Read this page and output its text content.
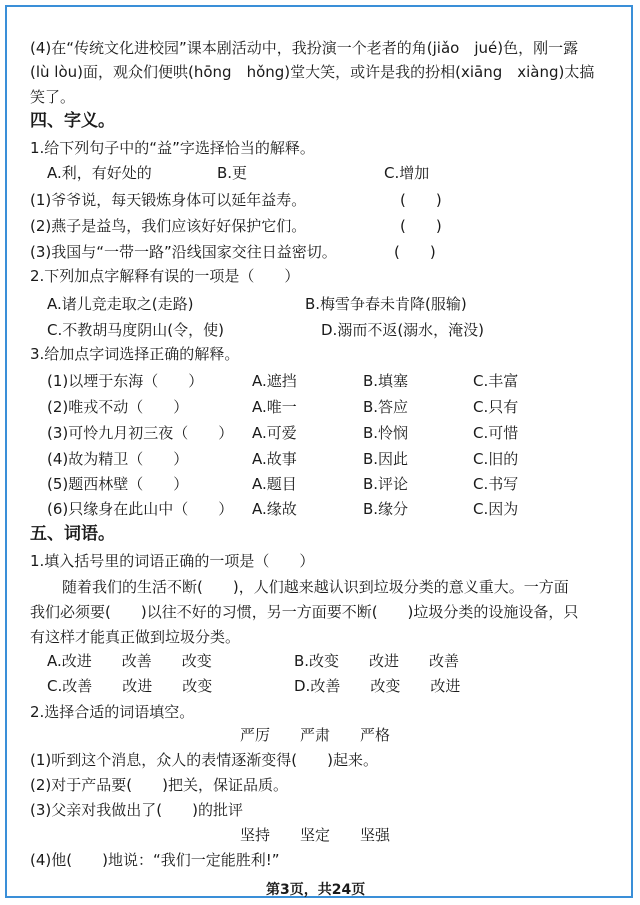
(4)在“传统文化进校园”课本剧活动中，我扮演一个老者的角(jiǎo　jué)色，刚一露
(lù lòu)面，观众们便哄(hōng　hǒng)堂大笑，或许是我的扮相(xiāng　xiàng)太搞
笑了。
四、字义。
1.给下列句子中的“益”字选择恰当的解释。
A.利，有好处的	B.更	C.增加
(1)爷爷说，每天锻炼身体可以延年益寿。	(　　)
(2)燕子是益鸟，我们应该好好保护它们。	(　　)
(3)我国与“一带一路”沿线国家交往日益密切。	(　　)
2.下列加点字解释有误的一项是（　　）
A.诸儿竞走取之(走路)	B.梅雪争春未肯降(服输)
C.不教胡马度阴山(令，使)	D.溺而不返(溺水，淹没)
3.给加点字词选择正确的解释。
(1)以堙于东海（　　）	A.遮挡	B.填塞	C.丰富
(2)唯戎不动（　　）	A.唯一	B.答应	C.只有
(3)可怜九月初三夜（　　） A.可爱	B.怜悯	C.可惜
(4)故为精卫（　　）	A.故事	B.因此	C.旧的
(5)题西林壁（　　）	A.题目	B.评论	C.书写
(6)只缘身在此山中（　　） A.缘故	B.缘分	C.因为
五、词语。
1.填入括号里的词语正确的一项是（　　）
随着我们的生活不断(　　)，人们越来越认识到垃圾分类的意义重大。一方面
我们必须要(　　)以往不好的习惯，另一方面要不断(　　)垃圾分类的设施设备，只
有这样才能真正做到垃圾分类。
A.改进　　改善　　改变	B.改变　　改进　　改善
C.改善　　改进　　改变	D.改善　　改变　　改进
2.选择合适的词语填空。
严厉　　严肃　　严格
(1)听到这个消息，众人的表情逐渐变得(　　)起来。
(2)对于产品要(　　)把关，保证品质。
(3)父亲对我做出了(　　)的批评
坚持　　坚定　　坚强
(4)他(　　)地说：“我们一定能胜利!”
第3页，共24页
